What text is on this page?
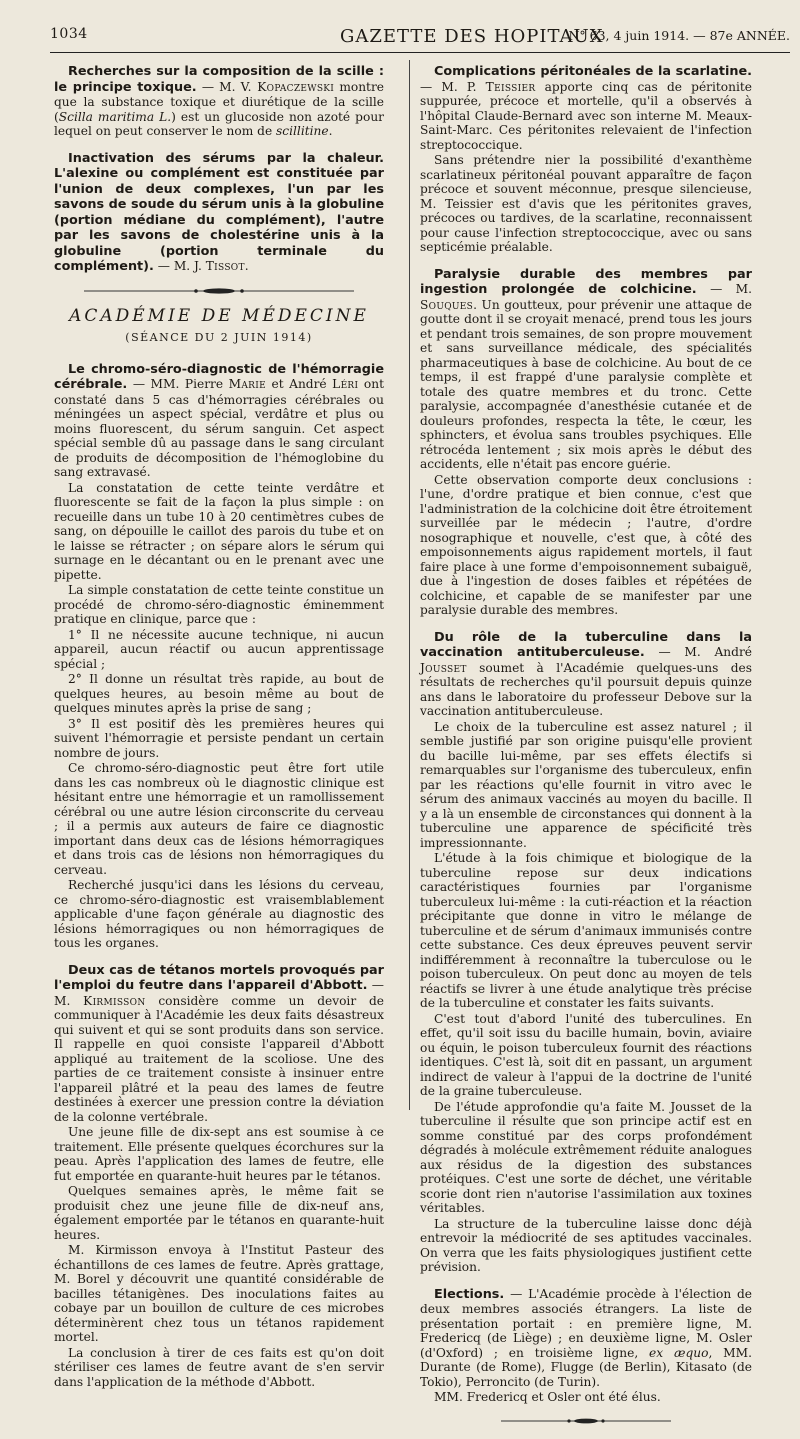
1034	GAZETTE DES HOPITAUX
N° 63, 4 juin 1914. — 87e ANNÉE.

Recherches sur la composition de la scille : le principe toxique. — M. V. Kopaczewski montre que la substance toxique et diurétique de la scille (Scilla maritima L.) est un glucoside non azoté pour lequel on peut conserver le nom de scillitine.

Inactivation des sérums par la chaleur. L'alexine ou complément est constituée par l'union de deux complexes, l'un par les savons de soude du sérum unis à la globuline (portion médiane du complément), l'autre par les savons de cholestérine unis à la globuline (portion terminale du complément). — M. J. Tissot.

ACADÉMIE DE MÉDECINE
(SÉANCE DU 2 JUIN 1914)

Le chromo-séro-diagnostic de l'hémorragie cérébrale. — MM. Pierre Marie et André Léri ont constaté dans 5 cas d'hémorragies cérébrales ou méningées un aspect spécial, verdâtre et plus ou moins fluorescent, du sérum sanguin. Cet aspect spécial semble dû au passage dans le sang circulant de produits de décomposition de l'hémoglobine du sang extravasé.

La constatation de cette teinte verdâtre et fluorescente se fait de la façon la plus simple : on recueille dans un tube 10 à 20 centimètres cubes de sang, on dépouille le caillot des parois du tube et on le laisse se rétracter ; on sépare alors le sérum qui surnage en le décantant ou en le prenant avec une pipette.

La simple constatation de cette teinte constitue un procédé de chromo-séro-diagnostic éminemment pratique en clinique, parce que :

1° Il ne nécessite aucune technique, ni aucun appareil, aucun réactif ou aucun apprentissage spécial ;

2° Il donne un résultat très rapide, au bout de quelques heures, au besoin même au bout de quelques minutes après la prise de sang ;

3° Il est positif dès les premières heures qui suivent l'hémorragie et persiste pendant un certain nombre de jours.

Ce chromo-séro-diagnostic peut être fort utile dans les cas nombreux où le diagnostic clinique est hésitant entre une hémorragie et un ramollissement cérébral ou une autre lésion circonscrite du cerveau ; il a permis aux auteurs de faire ce diagnostic important dans deux cas de lésions hémorragiques et dans trois cas de lésions non hémorragiques du cerveau.

Recherché jusqu'ici dans les lésions du cerveau, ce chromo-séro-diagnostic est vraisemblablement applicable d'une façon générale au diagnostic des lésions hémorragiques ou non hémorragiques de tous les organes.

Deux cas de tétanos mortels provoqués par l'emploi du feutre dans l'appareil d'Abbott. — M. Kirmisson considère comme un devoir de communiquer à l'Académie les deux faits désastreux qui suivent et qui se sont produits dans son service. Il rappelle en quoi consiste l'appareil d'Abbott appliqué au traitement de la scoliose. Une des parties de ce traitement consiste à insinuer entre l'appareil plâtré et la peau des lames de feutre destinées à exercer une pression contre la déviation de la colonne vertébrale.

Une jeune fille de dix-sept ans est soumise à ce traitement. Elle présente quelques écorchures sur la peau. Après l'application des lames de feutre, elle fut emportée en quarante-huit heures par le tétanos.

Quelques semaines après, le même fait se produisit chez une jeune fille de dix-neuf ans, également emportée par le tétanos en quarante-huit heures.

M. Kirmisson envoya à l'Institut Pasteur des échantillons de ces lames de feutre. Après grattage, M. Borel y découvrit une quantité considérable de bacilles tétanigènes. Des inoculations faites au cobaye par un bouillon de culture de ces microbes déterminèrent chez tous un tétanos rapidement mortel.

La conclusion à tirer de ces faits est qu'on doit stériliser ces lames de feutre avant de s'en servir dans l'application de la méthode d'Abbott.

Complications péritonéales de la scarlatine. — M. P. Teissier apporte cinq cas de péritonite suppurée, précoce et mortelle, qu'il a observés à l'hôpital Claude-Bernard avec son interne M. Meaux-Saint-Marc. Ces péritonites relevaient de l'infection streptococcique.

Sans prétendre nier la possibilité d'exanthème scarlatineux péritonéal pouvant apparaître de façon précoce et souvent méconnue, presque silencieuse, M. Teissier est d'avis que les péritonites graves, précoces ou tardives, de la scarlatine, reconnaissent pour cause l'infection streptococcique, avec ou sans septicémie préalable.

Paralysie durable des membres par ingestion prolongée de colchicine. — M. Souques. Un goutteux, pour prévenir une attaque de goutte dont il se croyait menacé, prend tous les jours et pendant trois semaines, de son propre mouvement et sans surveillance médicale, des spécialités pharmaceutiques à base de colchicine. Au bout de ce temps, il est frappé d'une paralysie complète et totale des quatre membres et du tronc. Cette paralysie, accompagnée d'anesthésie cutanée et de douleurs profondes, respecta la tête, le cœur, les sphincters, et évolua sans troubles psychiques. Elle rétrocéda lentement ; six mois après le début des accidents, elle n'était pas encore guérie.

Cette observation comporte deux conclusions : l'une, d'ordre pratique et bien connue, c'est que l'administration de la colchicine doit être étroitement surveillée par le médecin ; l'autre, d'ordre nosographique et nouvelle, c'est que, à côté des empoisonnements aigus rapidement mortels, il faut faire place à une forme d'empoisonnement subaiguë, due à l'ingestion de doses faibles et répétées de colchicine, et capable de se manifester par une paralysie durable des membres.

Du rôle de la tuberculine dans la vaccination antituberculeuse. — M. André Jousset soumet à l'Académie quelques-uns des résultats de recherches qu'il poursuit depuis quinze ans dans le laboratoire du professeur Debove sur la vaccination antituberculeuse.

Le choix de la tuberculine est assez naturel ; il semble justifié par son origine puisqu'elle provient du bacille lui-même, par ses effets électifs si remarquables sur l'organisme des tuberculeux, enfin par les réactions qu'elle fournit in vitro avec le sérum des animaux vaccinés au moyen du bacille. Il y a là un ensemble de circonstances qui donnent à la tuberculine une apparence de spécificité très impressionnante.

L'étude à la fois chimique et biologique de la tuberculine repose sur deux indications caractéristiques fournies par l'organisme tuberculeux lui-même : la cuti-réaction et la réaction précipitante que donne in vitro le mélange de tuberculine et de sérum d'animaux immunisés contre cette substance. Ces deux épreuves peuvent servir indifféremment à reconnaître la tuberculose ou le poison tuberculeux. On peut donc au moyen de tels réactifs se livrer à une étude analytique très précise de la tuberculine et constater les faits suivants.

C'est tout d'abord l'unité des tuberculines. En effet, qu'il soit issu du bacille humain, bovin, aviaire ou équin, le poison tuberculeux fournit des réactions identiques. C'est là, soit dit en passant, un argument indirect de valeur à l'appui de la doctrine de l'unité de la graine tuberculeuse.

De l'étude approfondie qu'a faite M. Jousset de la tuberculine il résulte que son principe actif est en somme constitué par des corps profondément dégradés à molécule extrêmement réduite analogues aux résidus de la digestion des substances protéiques. C'est une sorte de déchet, une véritable scorie dont rien n'autorise l'assimilation aux toxines véritables.

La structure de la tuberculine laisse donc déjà entrevoir la médiocrité de ses aptitudes vaccinales. On verra que les faits physiologiques justifient cette prévision.

Elections. — L'Académie procède à l'élection de deux membres associés étrangers. La liste de présentation portait : en première ligne, M. Fredericq (de Liège) ; en deuxième ligne, M. Osler (d'Oxford) ; en troisième ligne, ex æquo, MM. Durante (de Rome), Flugge (de Berlin), Kitasato (de Tokio), Perroncito (de Turin).

MM. Fredericq et Osler ont été élus.
